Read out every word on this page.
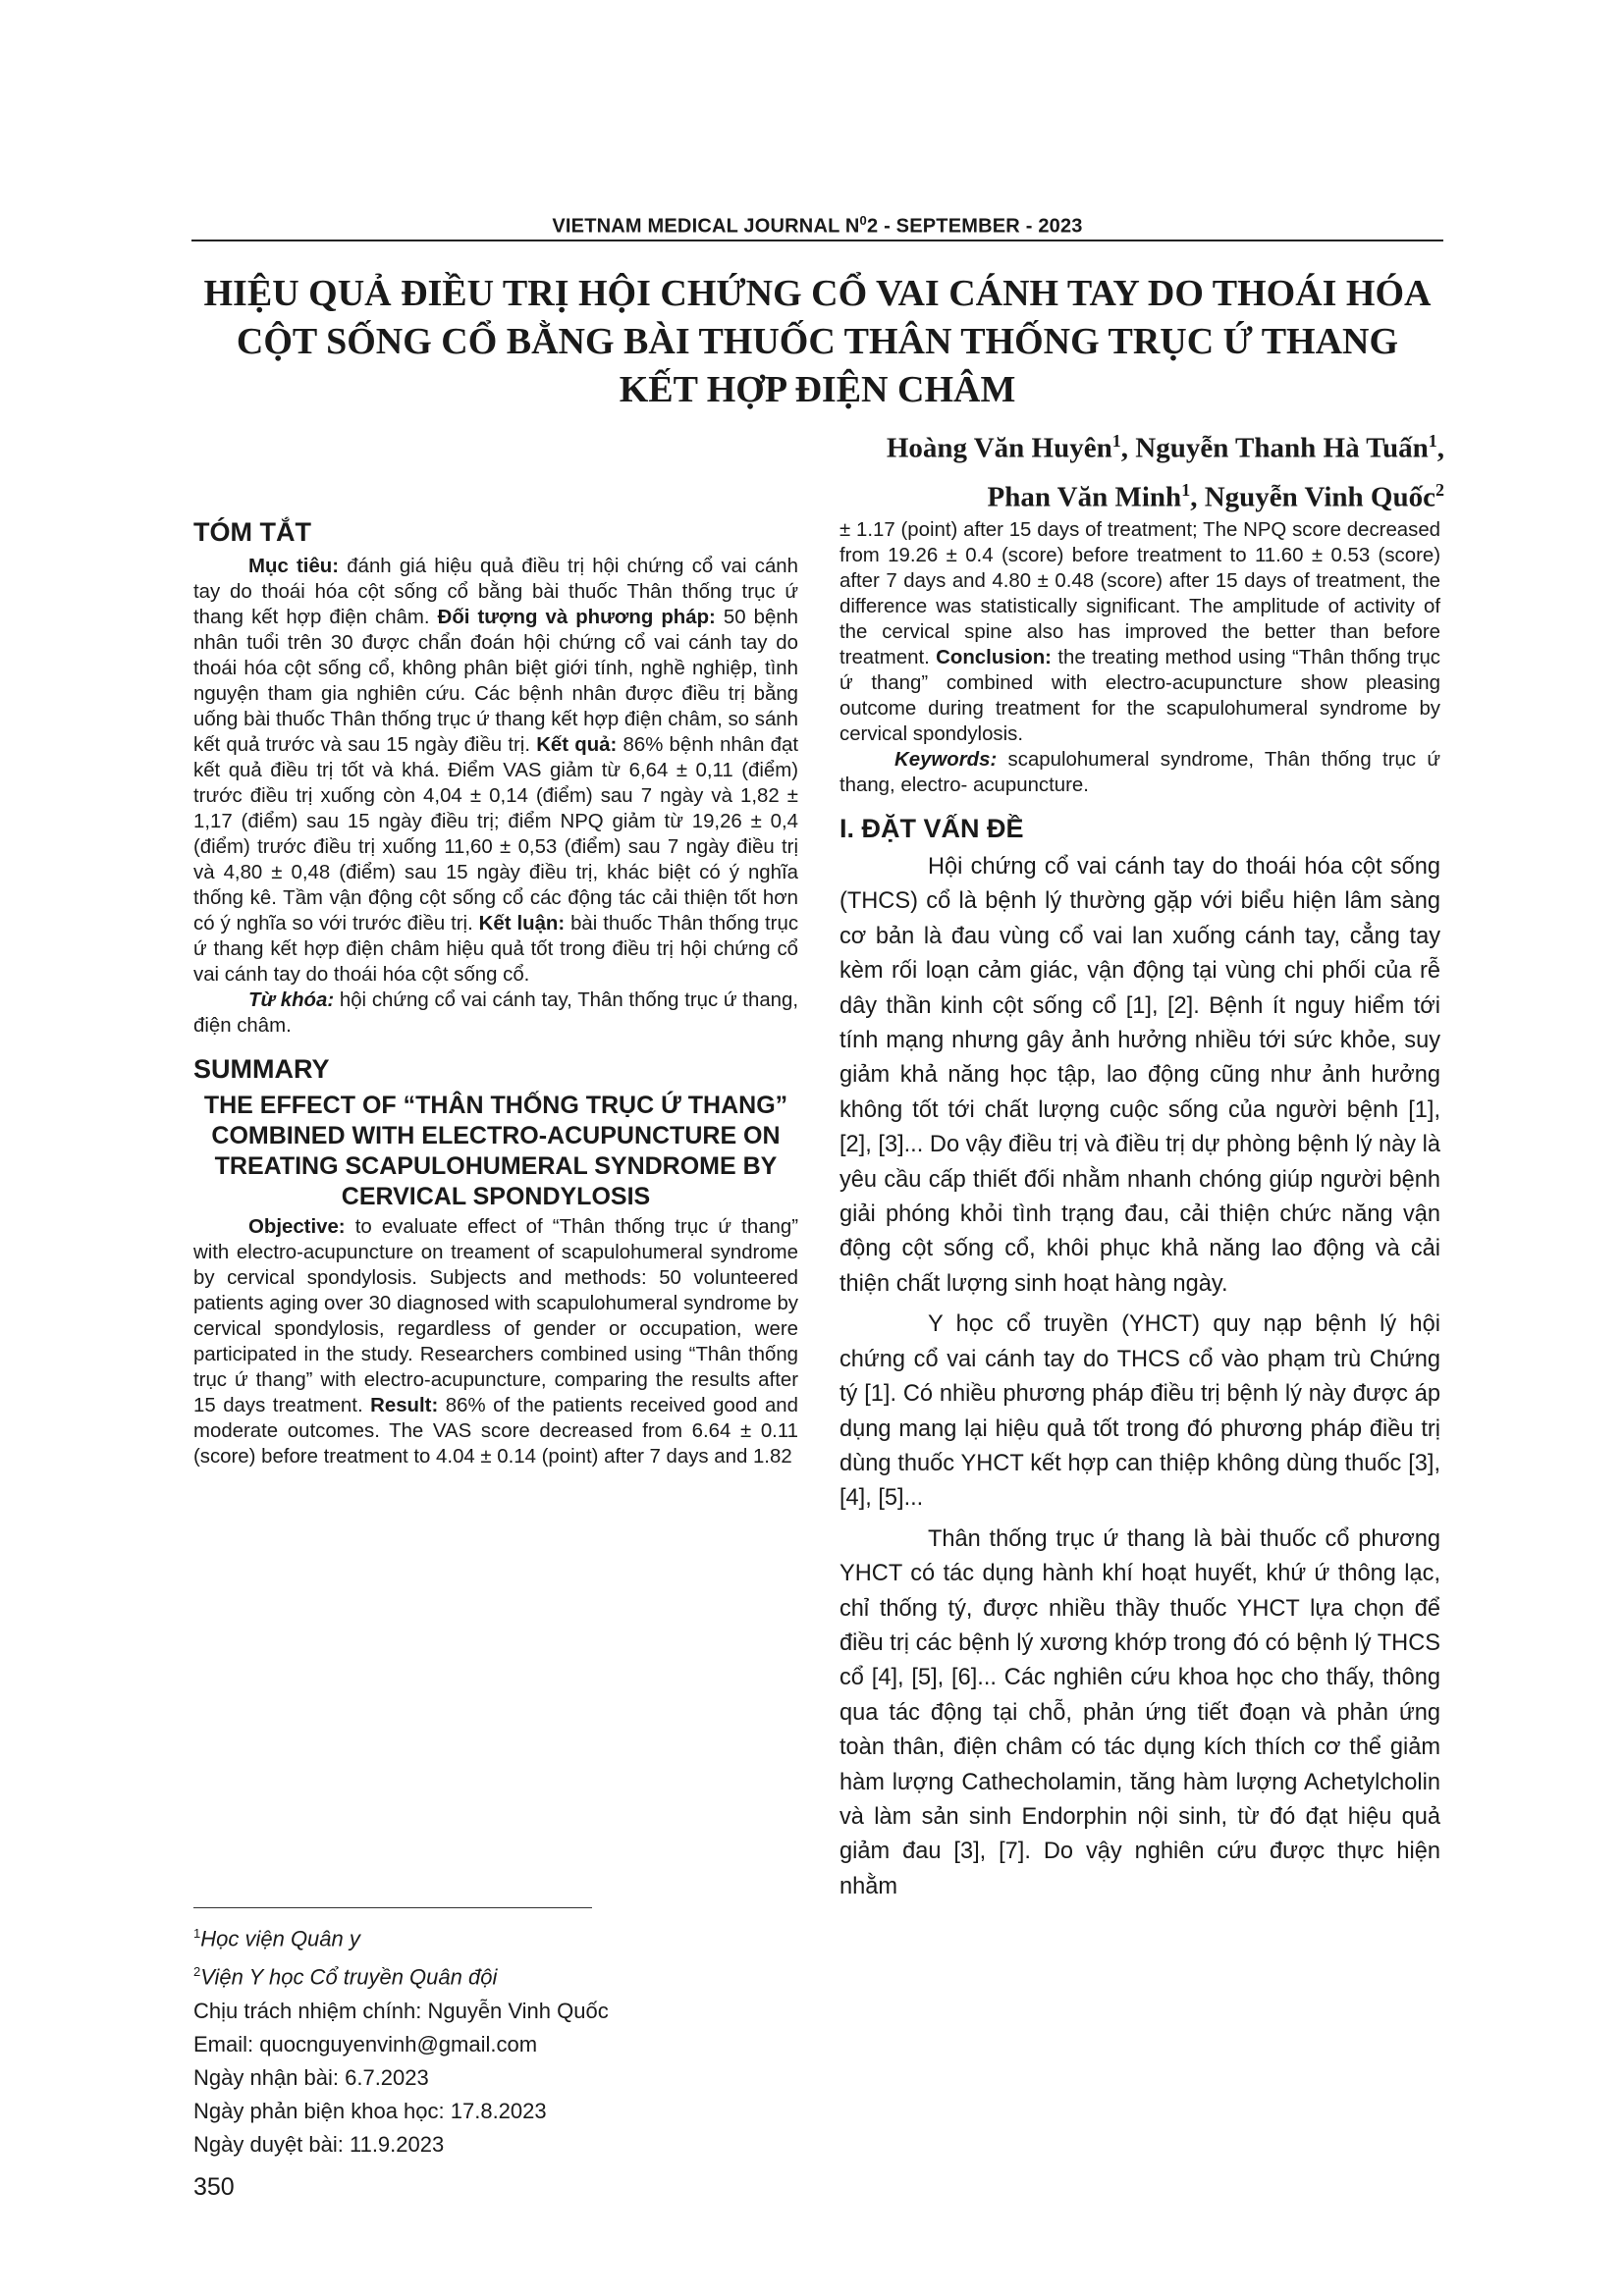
VIETNAM MEDICAL JOURNAL $N^02$ - SEPTEMBER - 2023
HIỆU QUẢ ĐIỀU TRỊ HỘI CHỨNG CỔ VAI CÁNH TAY DO THOÁI HÓA
CỘT SỐNG CỔ BẰNG BÀI THUỐC THÂN THỐNG TRỤC Ứ THANG
KẾT HỢP ĐIỆN CHÂM
Hoàng Văn Huyên$^1$, Nguyễn Thanh Hà Tuấn$^1$,
Phan Văn Minh$^1$, Nguyễn Vinh Quốc$^2$
TÓM TẮT

Mục tiêu: đánh giá hiệu quả điều trị hội chứng cổ vai cánh tay do thoái hóa cột sống cổ bằng bài thuốc Thân thống trục ứ thang kết hợp điện châm. Đối tượng và phương pháp: 50 bệnh nhân tuổi trên 30 được chẩn đoán hội chứng cổ vai cánh tay do thoái hóa cột sống cổ, không phân biệt giới tính, nghề nghiệp, tình nguyện tham gia nghiên cứu. Các bệnh nhân được điều trị bằng uống bài thuốc Thân thống trục ứ thang kết hợp điện châm, so sánh kết quả trước và sau 15 ngày điều trị. Kết quả: 86% bệnh nhân đạt kết quả điều trị tốt và khá. Điểm VAS giảm từ 6,64 ± 0,11 (điểm) trước điều trị xuống còn 4,04 ± 0,14 (điểm) sau 7 ngày và 1,82 ± 1,17 (điểm) sau 15 ngày điều trị; điểm NPQ giảm từ 19,26 ± 0,4 (điểm) trước điều trị xuống 11,60 ± 0,53 (điểm) sau 7 ngày điều trị và 4,80 ± 0,48 (điểm) sau 15 ngày điều trị, khác biệt có ý nghĩa thống kê. Tầm vận động cột sống cổ các động tác cải thiện tốt hơn có ý nghĩa so với trước điều trị. Kết luận: bài thuốc Thân thống trục ứ thang kết hợp điện châm hiệu quả tốt trong điều trị hội chứng cổ vai cánh tay do thoái hóa cột sống cổ.

Từ khóa: hội chứng cổ vai cánh tay, Thân thống trục ứ thang, điện châm.

SUMMARY
THE EFFECT OF “THÂN THỐNG TRỤC Ứ THANG” COMBINED WITH ELECTRO-ACUPUNCTURE ON TREATING SCAPULOHUMERAL SYNDROME BY CERVICAL SPONDYLOSIS

Objective: to evaluate effect of “Thân thống trục ứ thang” with electro-acupuncture on treament of scapulohumeral syndrome by cervical spondylosis. Subjects and methods: 50 volunteered patients aging over 30 diagnosed with scapulohumeral syndrome by cervical spondylosis, regardless of gender or occupation, were participated in the study. Researchers combined using “Thân thống trục ứ thang” with electro-acupuncture, comparing the results after 15 days treatment. Result: 86% of the patients received good and moderate outcomes. The VAS score decreased from 6.64 ± 0.11 (score) before treatment to 4.04 ± 0.14 (point) after 7 days and 1.82

± 1.17 (point) after 15 days of treatment; The NPQ score decreased from 19.26 ± 0.4 (score) before treatment to 11.60 ± 0.53 (score) after 7 days and 4.80 ± 0.48 (score) after 15 days of treatment, the difference was statistically significant. The amplitude of activity of the cervical spine also has improved the better than before treatment. Conclusion: the treating method using “Thân thống trục ứ thang” combined with electro-acupuncture show pleasing outcome during treatment for the scapulohumeral syndrome by cervical spondylosis.

Keywords: scapulohumeral syndrome, Thân thống trục ứ thang, electro- acupuncture.

I. ĐẶT VẤN ĐỀ

Hội chứng cổ vai cánh tay do thoái hóa cột sống (THCS) cổ là bệnh lý thường gặp với biểu hiện lâm sàng cơ bản là đau vùng cổ vai lan xuống cánh tay, cẳng tay kèm rối loạn cảm giác, vận động tại vùng chi phối của rễ dây thần kinh cột sống cổ [1], [2]. Bệnh ít nguy hiểm tới tính mạng nhưng gây ảnh hưởng nhiều tới sức khỏe, suy giảm khả năng học tập, lao động cũng như ảnh hưởng không tốt tới chất lượng cuộc sống của người bệnh [1], [2], [3]... Do vậy điều trị và điều trị dự phòng bệnh lý này là yêu cầu cấp thiết đối nhằm nhanh chóng giúp người bệnh giải phóng khỏi tình trạng đau, cải thiện chức năng vận động cột sống cổ, khôi phục khả năng lao động và cải thiện chất lượng sinh hoạt hàng ngày.

Y học cổ truyền (YHCT) quy nạp bệnh lý hội chứng cổ vai cánh tay do THCS cổ vào phạm trù Chứng tý [1]. Có nhiều phương pháp điều trị bệnh lý này được áp dụng mang lại hiệu quả tốt trong đó phương pháp điều trị dùng thuốc YHCT kết hợp can thiệp không dùng thuốc [3], [4], [5]...

Thân thống trục ứ thang là bài thuốc cổ phương YHCT có tác dụng hành khí hoạt huyết, khứ ứ thông lạc, chỉ thống tý, được nhiều thầy thuốc YHCT lựa chọn để điều trị các bệnh lý xương khớp trong đó có bệnh lý THCS cổ [4], [5], [6]... Các nghiên cứu khoa học cho thấy, thông qua tác động tại chỗ, phản ứng tiết đoạn và phản ứng toàn thân, điện châm có tác dụng kích thích cơ thể giảm hàm lượng Cathecholamin, tăng hàm lượng Achetylcholin và làm sản sinh Endorphin nội sinh, từ đó đạt hiệu quả giảm đau [3], [7]. Do vậy nghiên cứu được thực hiện nhằm

$^1$Học viện Quân y

$^2$Viện Y học Cổ truyền Quân đội

Chịu trách nhiệm chính: Nguyễn Vinh Quốc

Email: quocnguyenvinh@gmail.com

Ngày nhận bài: 6.7.2023

Ngày phản biện khoa học: 17.8.2023

Ngày duyệt bài: 11.9.2023

350
